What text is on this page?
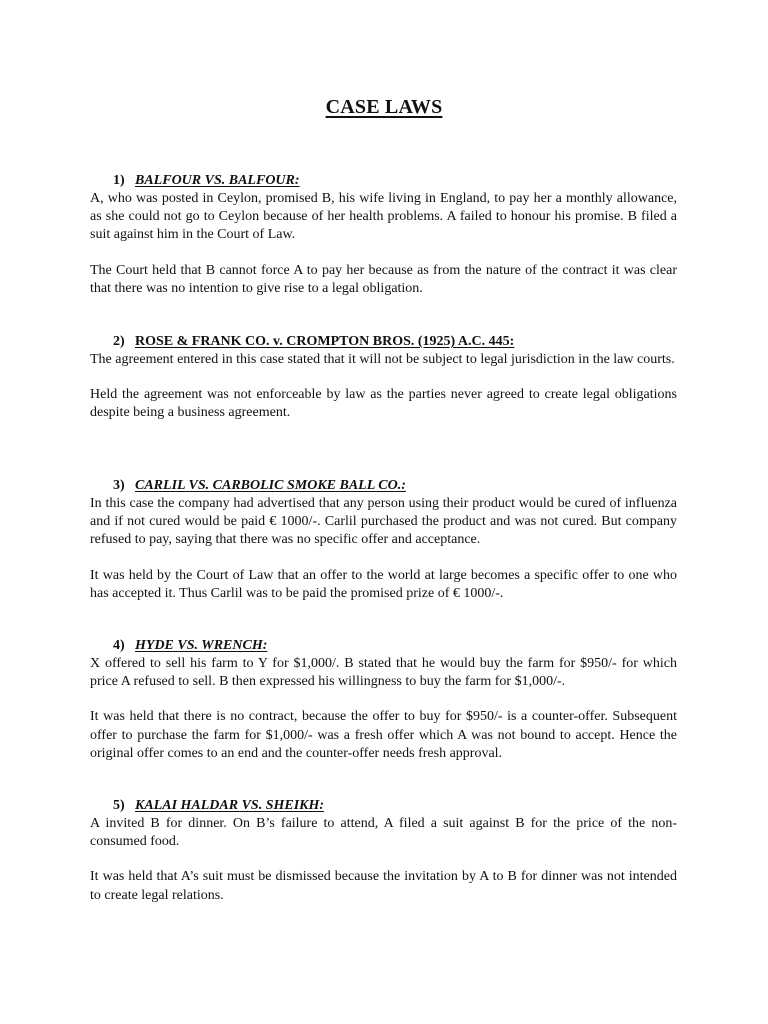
CASE LAWS
1) BALFOUR VS. BALFOUR:

A, who was posted in Ceylon, promised B, his wife living in England, to pay her a monthly allowance, as she could not go to Ceylon because of her health problems. A failed to honour his promise. B filed a suit against him in the Court of Law.

The Court held that B cannot force A to pay her because as from the nature of the contract it was clear that there was no intention to give rise to a legal obligation.

2) ROSE & FRANK CO. v. CROMPTON BROS. (1925) A.C. 445:

The agreement entered in this case stated that it will not be subject to legal jurisdiction in the law courts.

Held the agreement was not enforceable by law as the parties never agreed to create legal obligations despite being a business agreement.

3) CARLIL VS. CARBOLIC SMOKE BALL CO.:

In this case the company had advertised that any person using their product would be cured of influenza and if not cured would be paid € 1000/-. Carlil purchased the product and was not cured. But company refused to pay, saying that there was no specific offer and acceptance.

It was held by the Court of Law that an offer to the world at large becomes a specific offer to one who has accepted it. Thus Carlil was to be paid the promised prize of € 1000/-.

4) HYDE VS. WRENCH:

X offered to sell his farm to Y for $1,000/. B stated that he would buy the farm for $950/- for which price A refused to sell. B then expressed his willingness to buy the farm for $1,000/-.

It was held that there is no contract, because the offer to buy for $950/- is a counter-offer. Subsequent offer to purchase the farm for $1,000/- was a fresh offer which A was not bound to accept. Hence the original offer comes to an end and the counter-offer needs fresh approval.

5) KALAI HALDAR VS. SHEIKH:

A invited B for dinner. On B’s failure to attend, A filed a suit against B for the price of the non-consumed food.

It was held that A’s suit must be dismissed because the invitation by A to B for dinner was not intended to create legal relations.
